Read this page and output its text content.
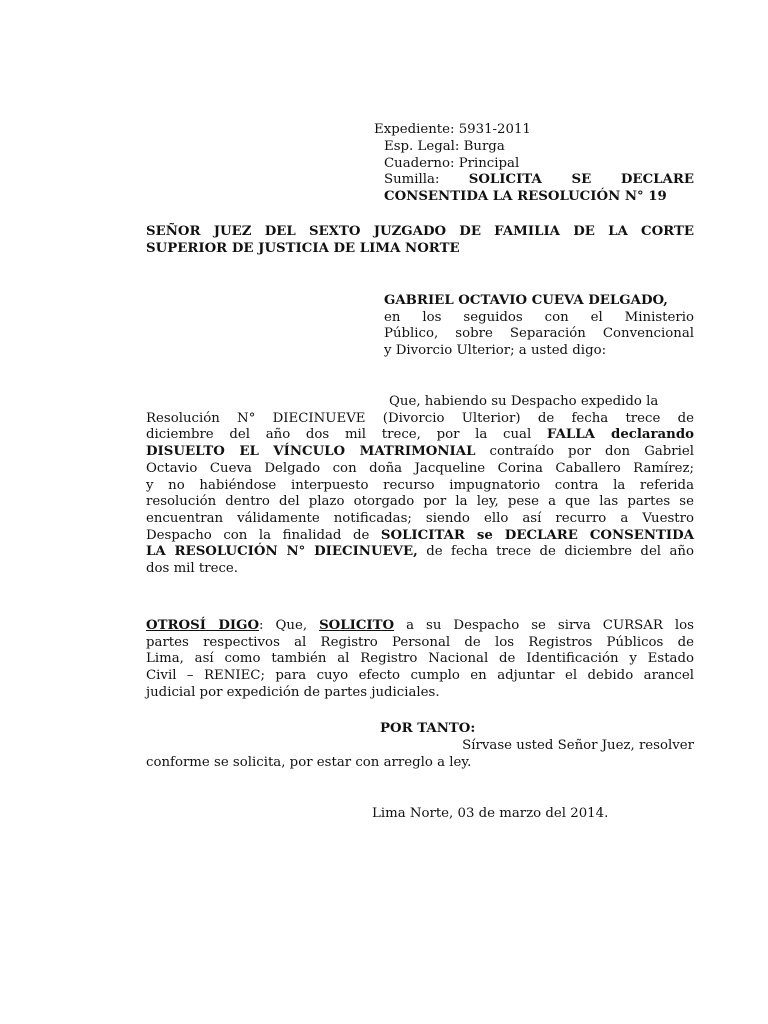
Expediente: 5931-2011
Esp. Legal: Burga
Cuaderno: Principal
Sumilla: SOLICITA SE DECLARE
CONSENTIDA LA RESOLUCIÓN N° 19
SEÑOR JUEZ DEL SEXTO JUZGADO DE FAMILIA DE LA CORTE
SUPERIOR DE JUSTICIA DE LIMA NORTE
GABRIEL OCTAVIO CUEVA DELGADO,
en los seguidos con el Ministerio
Público, sobre Separación Convencional
y Divorcio Ulterior; a usted digo:
Que, habiendo su Despacho expedido la
Resolución N° DIECINUEVE (Divorcio Ulterior) de fecha trece de
diciembre del año dos mil trece, por la cual FALLA declarando
DISUELTO EL VÍNCULO MATRIMONIAL contraído por don Gabriel
Octavio Cueva Delgado con doña Jacqueline Corina Caballero Ramírez;
y no habiéndose interpuesto recurso impugnatorio contra la referida
resolución dentro del plazo otorgado por la ley, pese a que las partes se
encuentran válidamente notificadas; siendo ello así recurro a Vuestro
Despacho con la finalidad de SOLICITAR se DECLARE CONSENTIDA
LA RESOLUCIÓN N° DIECINUEVE, de fecha trece de diciembre del año
dos mil trece.
OTROSÍ DIGO: Que, SOLICITO a su Despacho se sirva CURSAR los
partes respectivos al Registro Personal de los Registros Públicos de
Lima, así como también al Registro Nacional de Identificación y Estado
Civil – RENIEC; para cuyo efecto cumplo en adjuntar el debido arancel
judicial por expedición de partes judiciales.
POR TANTO:
Sírvase usted Señor Juez, resolver
conforme se solicita, por estar con arreglo a ley.
Lima Norte, 03 de marzo del 2014.
